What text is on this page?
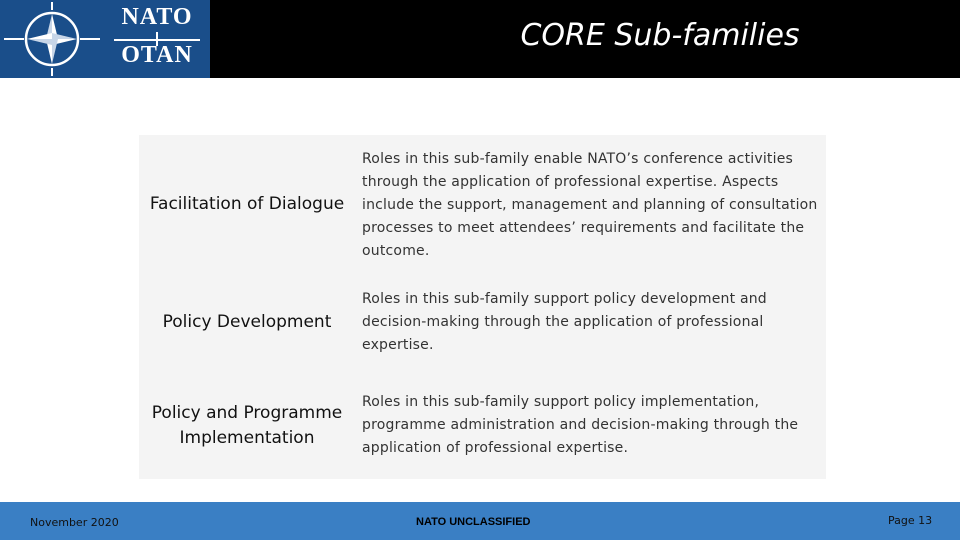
NATO
OTAN
CORE Sub-families
Facilitation of Dialogue
Roles in this sub-family enable NATO’s conference activities through the application of professional expertise. Aspects include the support, management and planning of consultation processes to meet attendees’ requirements and facilitate the outcome.
Policy Development
Roles in this sub-family support policy development and decision-making through the application of professional expertise.
Policy and Programme Implementation
Roles in this sub-family support policy implementation, programme administration and decision-making through the application of professional expertise.
November 2020	NATO UNCLASSIFIED	Page 13
